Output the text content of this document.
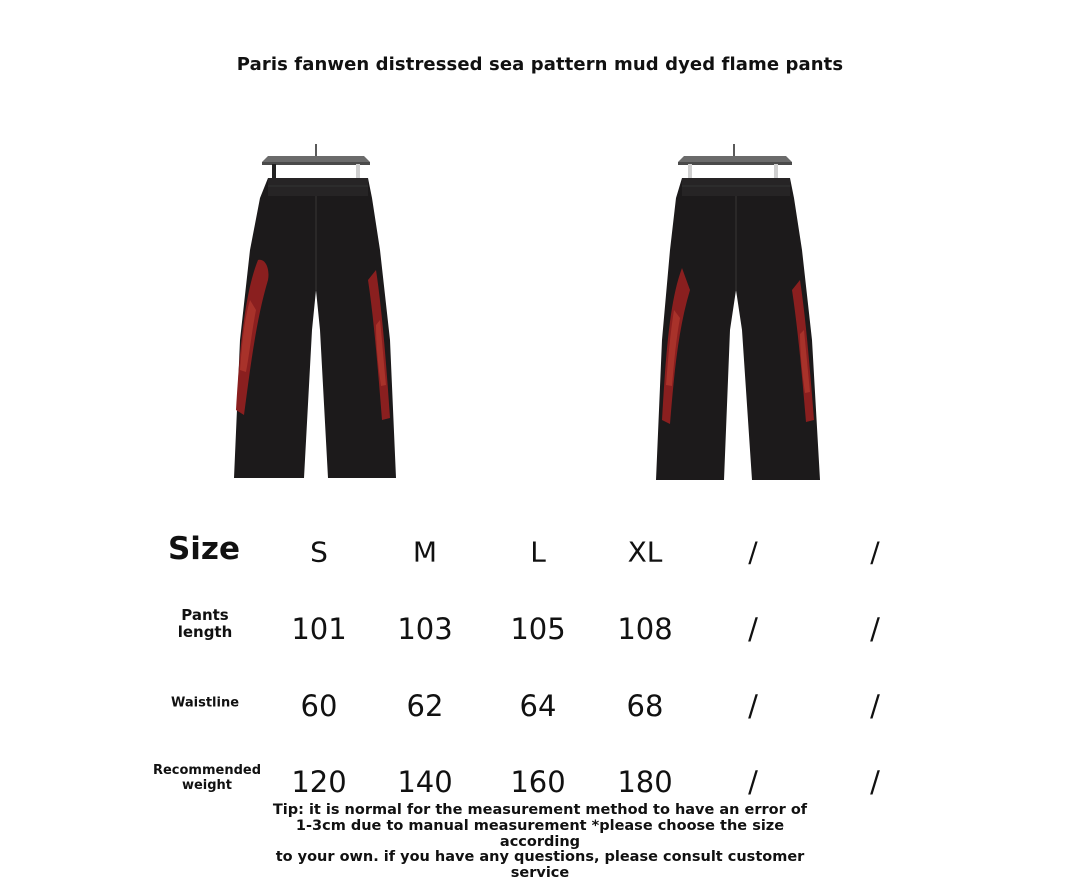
Paris fanwen distressed sea pattern mud dyed flame pants
Size	S	M	L	XL	/	/
Pants
length 101 103 105 108	/	/
Waistline 60 62	64 68	/	/
Recommended
weight	120 140 160 180	/	/
Tip: it is normal for the measurement method to have an error of
1-3cm due to manual measurement *please choose the size according
to your own. if you have any questions, please consult customer
service
